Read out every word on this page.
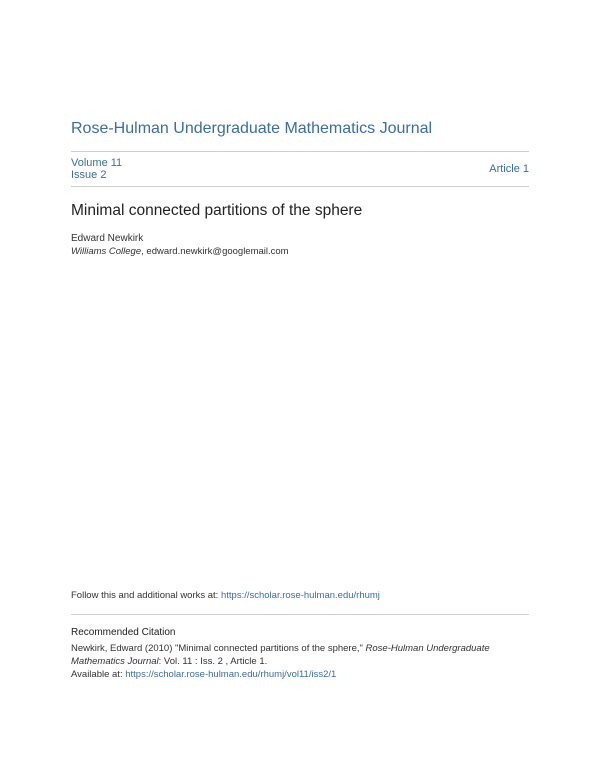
Rose-Hulman Undergraduate Mathematics Journal
Volume 11
Issue 2	Article 1
Minimal connected partitions of the sphere
Edward Newkirk
Williams College, edward.newkirk@googlemail.com
Follow this and additional works at: https://scholar.rose-hulman.edu/rhumj
Recommended Citation
Newkirk, Edward (2010) "Minimal connected partitions of the sphere," Rose-Hulman Undergraduate Mathematics Journal: Vol. 11 : Iss. 2 , Article 1.
Available at: https://scholar.rose-hulman.edu/rhumj/vol11/iss2/1
